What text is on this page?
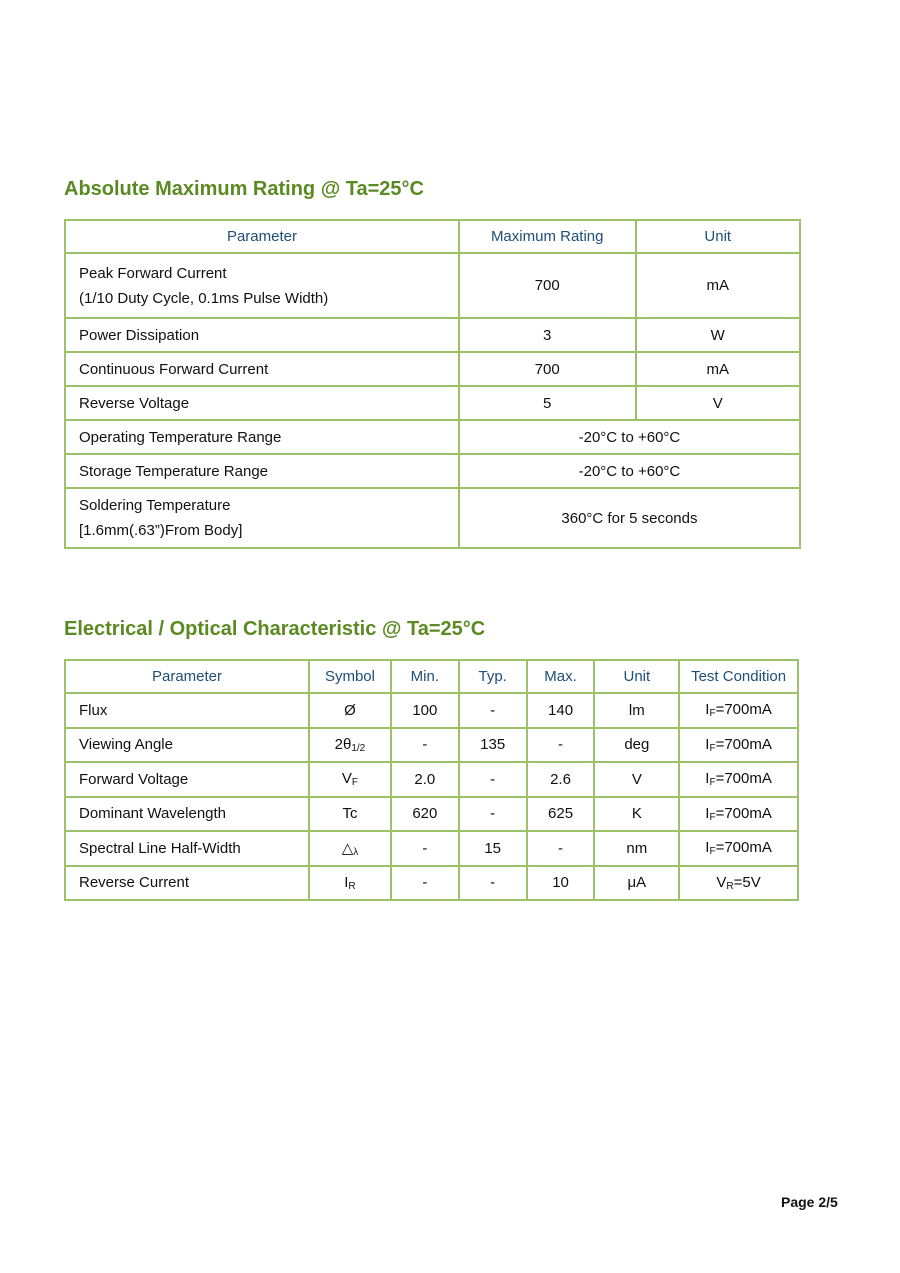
Absolute Maximum Rating @ Ta=25°C
Parameter	Maximum Rating	Unit

Peak Forward Current
(1/10 Duty Cycle, 0.1ms Pulse Width)	700	mA
Power Dissipation	3	W
Continuous Forward Current	700	mA
Reverse Voltage	5	V
Operating Temperature Range	-20°C to +60°C	
Storage Temperature Range	-20°C to +60°C	

Soldering Temperature
[1.6mm(.63”)From Body]	360°C for 5 seconds	
Electrical / Optical Characteristic @ Ta=25°C
Parameter	Symbol	Min.	Typ.	Max.	Unit	Test Condition
Flux	Ø	100	-	140	lm	$I_F=700mA$
Viewing Angle	$2\theta_{1/2}$	-	135	-	deg	$I_F=700mA$
Forward Voltage	$V_F$	2.0	-	2.6	V	$I_F=700mA$
Dominant Wavelength	Tc	620	-	625	K	$I_F=700mA$
Spectral Line Half-Width	$\triangle_\lambda$	-	15	-	nm	$I_F=700mA$
Reverse Current	$I_R$	-	-	10	μA	$V_R=5V$
Page 2/5
